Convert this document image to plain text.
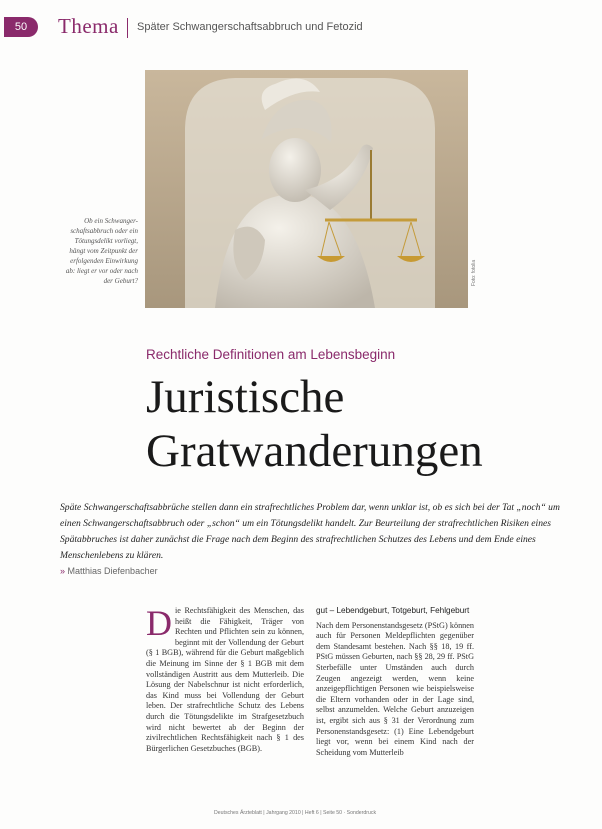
50	Thema Später Schwangerschaftsabbruch und Fetozid
Foto: fotolia
Ob ein Schwanger-schaftsabbruch oder ein Tötungsdelikt vorliegt, hängt vom Zeitpunkt der erfolgenden Einwirkung ab: liegt er vor oder nach der Geburt?
Rechtliche Definitionen am Lebensbeginn
Juristische
Gratwanderungen

Späte Schwangerschaftsabbrüche stellen dann ein strafrechtliches Problem dar, wenn unklar ist, ob es sich bei der Tat „noch“ um einen Schwangerschaftsabbruch oder „schon“ um ein Tötungsdelikt handelt. Zur Beurteilung der strafrechtlichen Risiken eines Spätabbruches ist daher zunächst die Frage nach dem Beginn des strafrechtlichen Schutzes des Lebens und dem Ende eines Menschenlebens zu klären.

» Matthias Diefenbacher
D ie Rechtsfähigkeit des Menschen, das heißt die Fähigkeit, Träger von Rechten und Pflichten sein zu können, beginnt mit der Vollendung der Geburt (§ 1 BGB), während für die Geburt maßgeblich die Meinung im Sinne der § 1 BGB mit dem vollständigen Austritt aus dem Mutterleib. Die Lösung der Nabelschnur ist nicht erforderlich, das Kind muss bei Vollendung der Geburt leben. Der strafrechtliche Schutz des Lebens durch die Tötungsdelikte im Strafgesetzbuch wird nicht bewertet ab der Beginn der zivilrechtlichen Rechtsfähigkeit nach § 1 des Bürgerlichen Gesetzbuches (BGB).

gut – Lebendgeburt, Totgeburt, Fehlgeburt

Nach dem Personenstandsgesetz (PStG) können auch für Personen Meldepflichten gegenüber dem Standesamt bestehen. Nach §§ 18, 19 ff. PStG müssen Geburten, nach §§ 28, 29 ff. PStG Sterbefälle unter Umständen auch durch Zeugen angezeigt werden, wenn keine anzeigepflichtigen Personen wie beispielsweise die Eltern vorhanden oder in der Lage sind, selbst anzumelden. Welche Geburt anzuzeigen ist, ergibt sich aus § 31 der Verordnung zum Personenstandsgesetz: (1) Eine Lebendgeburt liegt vor, wenn bei einem Kind nach der Scheidung vom Mutterleib

Deutsches Ärzteblatt | Jahrgang 2010 | Heft 6 | Seite 50 · Sonderdruck
